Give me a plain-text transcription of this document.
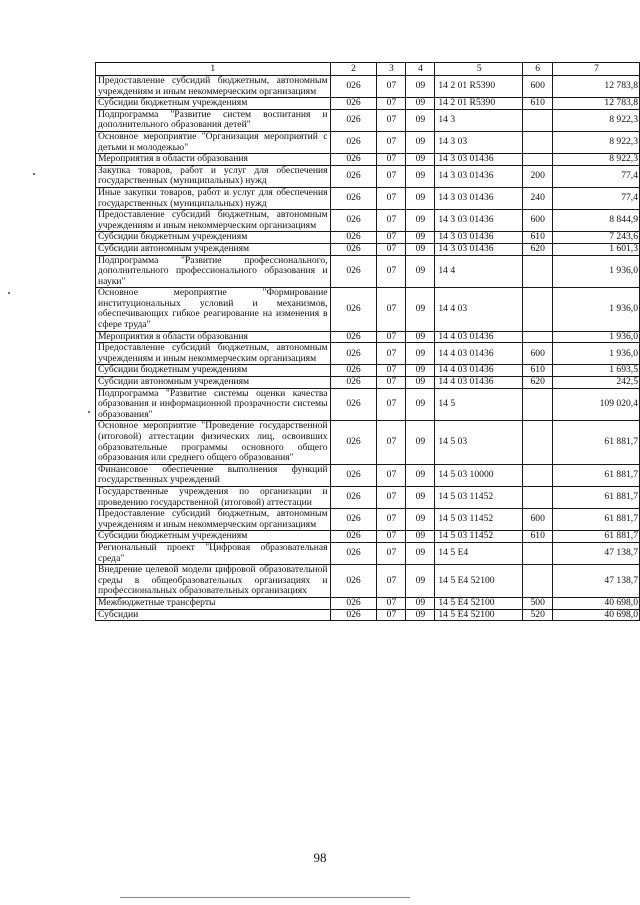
1	2	3	4	5	6	7
Предоставление субсидий бюджетным, автономным учреждениям и иным некоммерческим организациям	026	07	09	14 2 01 R5390	600	12 783,8
Субсидии бюджетным учреждениям	026	07	09	14 2 01 R5390	610	12 783,8
Подпрограмма "Развитие систем воспитания и дополнительного образования детей"	026	07	09	14 3		8 922,3
Основное мероприятие "Организация мероприятий с детьми и молодежью"	026	07	09	14 3 03		8 922,3
Мероприятия в области образования	026	07	09	14 3 03 01436		8 922,3
Закупка товаров, работ и услуг для обеспечения государственных (муниципальных) нужд	026	07	09	14 3 03 01436	200	77,4
Иные закупки товаров, работ и услуг для обеспечения государственных (муниципальных) нужд	026	07	09	14 3 03 01436	240	77,4
Предоставление субсидий бюджетным, автономным учреждениям и иным некоммерческим организациям	026	07	09	14 3 03 01436	600	8 844,9
Субсидии бюджетным учреждениям	026	07	09	14 3 03 01436	610	7 243,6
Субсидии автономным учреждениям	026	07	09	14 3 03 01436	620	1 601,3
Подпрограмма "Развитие профессионального, дополнительного профессионального образования и науки"	026	07	09	14 4		1 936,0
Основное мероприятие "Формирование институциональных условий и механизмов, обеспечивающих гибкое реагирование на изменения в сфере труда"	026	07	09	14 4 03		1 936,0
Мероприятия в области образования	026	07	09	14 4 03 01436		1 936,0
Предоставление субсидий бюджетным, автономным учреждениям и иным некоммерческим организациям	026	07	09	14 4 03 01436	600	1 936,0
Субсидии бюджетным учреждениям	026	07	09	14 4 03 01436	610	1 693,5
Субсидии автономным учреждениям	026	07	09	14 4 03 01436	620	242,5
Подпрограмма "Развитие системы оценки качества образования и информационной прозрачности системы образования"	026	07	09	14 5		109 020,4
Основное мероприятие "Проведение государственной (итоговой) аттестации физических лиц, освоивших образовательные программы основного общего образования или среднего общего образования"	026	07	09	14 5 03		61 881,7
Финансовое обеспечение выполнения функций государственных учреждений	026	07	09	14 5 03 10000		61 881,7
Государственные учреждения по организации и проведению государственной (итоговой) аттестации	026	07	09	14 5 03 11452		61 881,7
Предоставление субсидий бюджетным, автономным учреждениям и иным некоммерческим организациям	026	07	09	14 5 03 11452	600	61 881,7
Субсидии бюджетным учреждениям	026	07	09	14 5 03 11452	610	61 881,7
Региональный проект "Цифровая образовательная среда"	026	07	09	14 5 E4		47 138,7
Внедрение целевой модели цифровой образовательной среды в общеобразовательных организациях и профессиональных образовательных организациях	026	07	09	14 5 E4 52100		47 138,7
Межбюджетные трансферты	026	07	09	14 5 E4 52100	500	40 698,0
Субсидии	026	07	09	14 5 E4 52100	520	40 698,0
98
